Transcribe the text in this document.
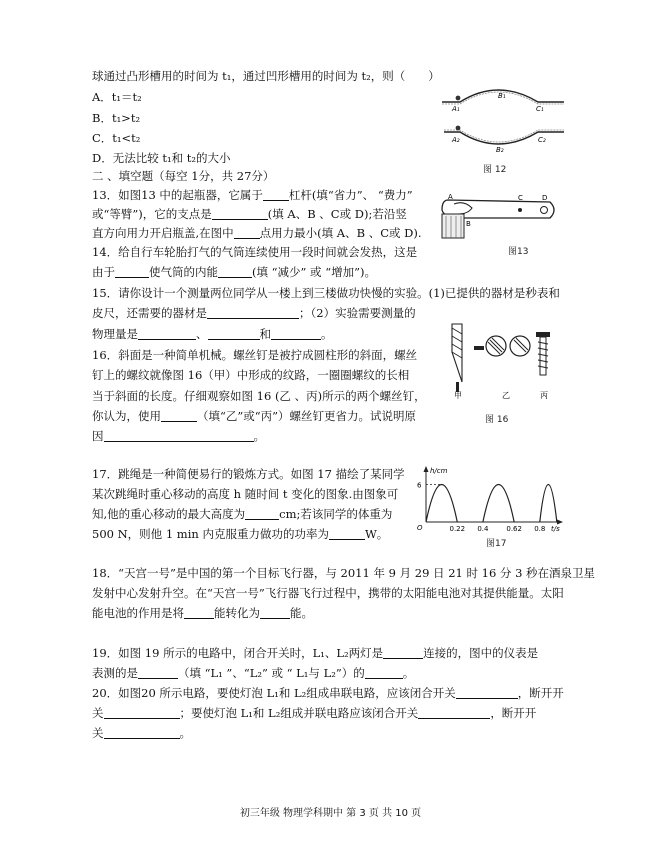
球通过凸形槽用的时间为 t₁，通过凹形槽用的时间为 t₂，则（　　）
A．t₁＝t₂
B．t₁>t₂
C．t₁<t₂
D．无法比较 t₁和 t₂的大小
二 、填空题（每空 1分，共 27分）
13．如图13 中的起瓶器，它属于 杠杆(填“省力”、 “费力”
或“等臂”)，它的支点是	(填 A、B 、C或 D);若沿竖
直方向用力开启瓶盖,在图中 点用力最小(填 A、B 、C或 D).
14．给自行车轮胎打气的气筒连续使用一段时间就会发热，这是
由于	使气筒的内能	(填 “减少” 或 “增加”)。
15．请你设计一个测量两位同学从一楼上到三楼做功快慢的实验。(1)已提供的器材是秒表和
皮尺，还需要的器材是	；（2）实验需要测量的
物理量是	、	和	。
16．斜面是一种简单机械。螺丝钉是被拧成圆柱形的斜面，螺丝
钉上的螺纹就像图 16（甲）中形成的纹路，一圈圈螺纹的长相
当于斜面的长度。仔细观察如图 16 (乙 、丙)所示的两个螺丝钉，
你认为，使用	（填“乙”或“丙”）螺丝钉更省力。试说明原
因	。
17．跳绳是一种简便易行的锻炼方式。如图 17 描绘了某同学
某次跳绳时重心移动的高度 h 随时间 t 变化的图象.由图象可
知,他的重心移动的最大高度为	cm;若该同学的体重为
500 N，则他 1 min 内克服重力做功的功率为	W。
18．“天宫一号”是中国的第一个目标飞行器，与 2011 年 9 月 29 日 21 时 16 分 3 秒在酒泉卫星
发射中心发射升空。在“天宫一号”飞行器飞行过程中，携带的太阳能电池对其提供能量。太阳
能电池的作用是将	能转化为	能。
19．如图 19 所示的电路中，闭合开关时，L₁、L₂两灯是	连接的，图中的仪表是
表测的是	（填 “L₁ ”、“L₂” 或 “ L₁与 L₂”）的	。
20．如图20 所示电路，要使灯泡 L₁和 L₂组成串联电路，应该闭合开关	，断开开
关	；要使灯泡 L₁和 L₂组成并联电路应该闭合开关	，断开开
关	。
A₁
B₁
C₁
A₂
B₂
C₂
图 12
A
B
C	D
图13
甲	乙	丙
图 16
h/cm
t/s
O
6
0.22 0.4	0.62 0.8
图17
初三年级 物理学科期中 第 3 页 共 10 页
